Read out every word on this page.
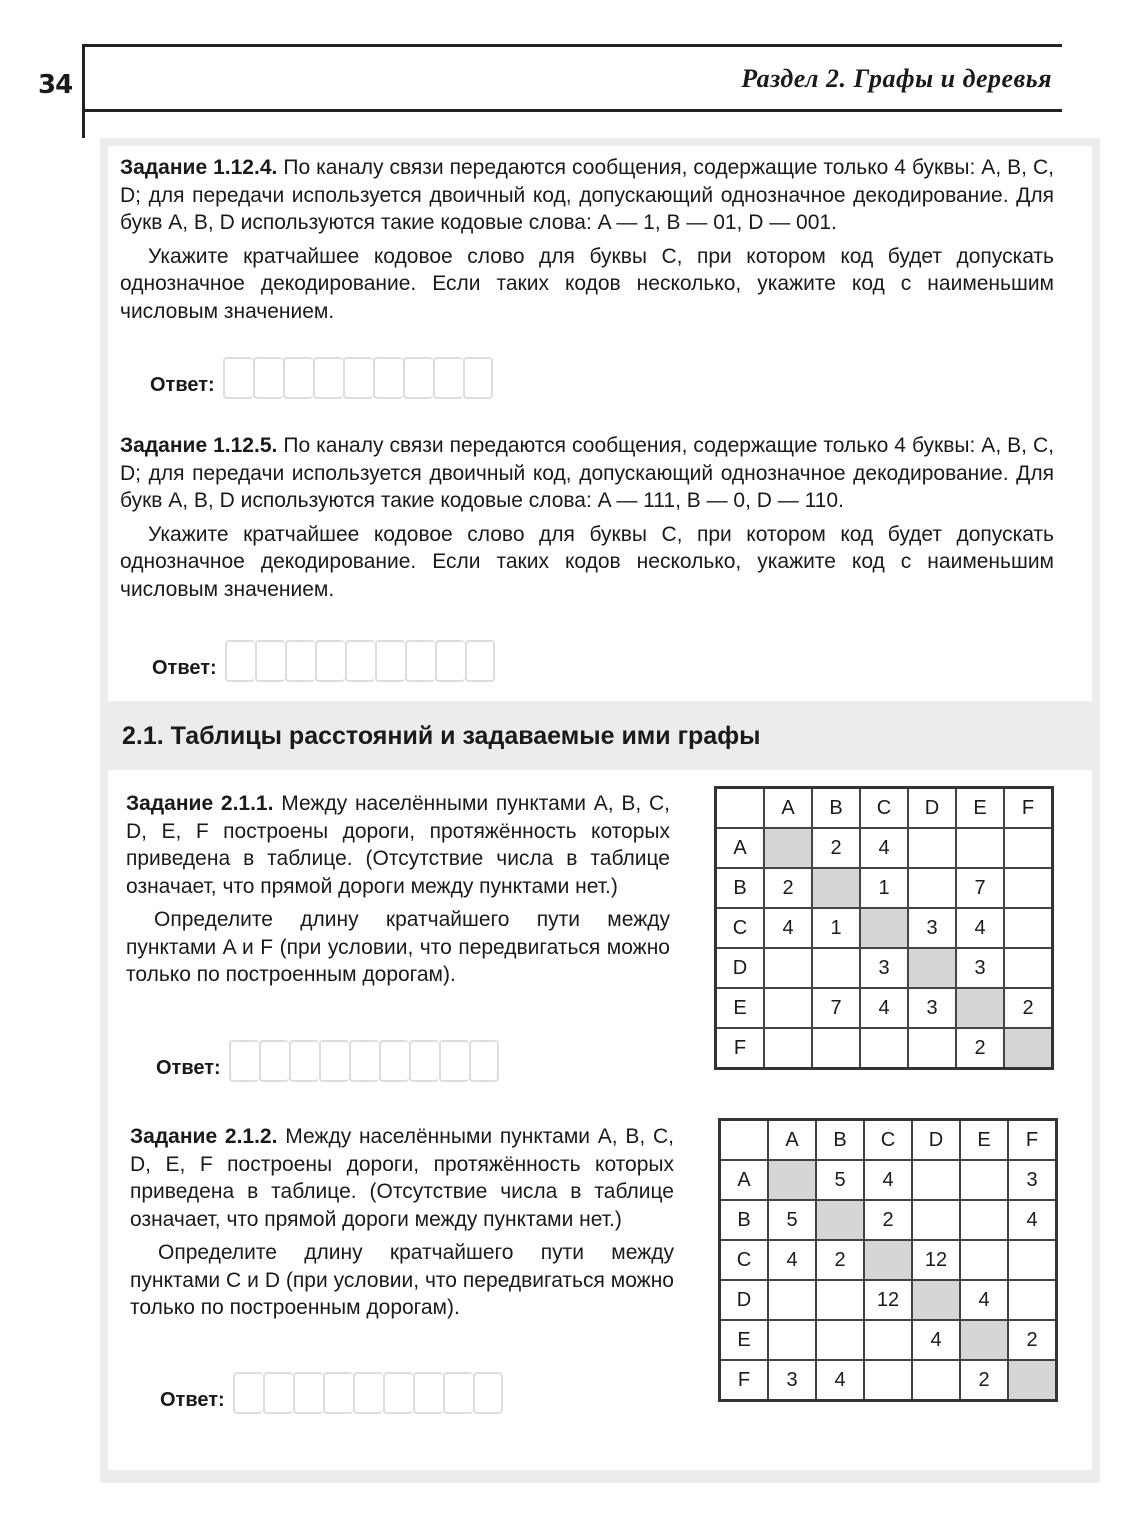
34	Раздел 2. Графы и деревья

Задание 1.12.4. По каналу связи передаются сообщения, содержащие только 4 буквы: A, B, C, D; для передачи используется двоичный код, допускающий однозначное декодирование. Для букв A, B, D используются такие кодовые слова: A — 1, B — 01, D — 001.

Укажите кратчайшее кодовое слово для буквы C, при котором код будет допускать однозначное декодирование. Если таких кодов несколько, укажите код с наименьшим числовым значением.

Ответ:

Задание 1.12.5. По каналу связи передаются сообщения, содержащие только 4 буквы: A, B, C, D; для передачи используется двоичный код, допускающий однозначное декодирование. Для букв A, B, D используются такие кодовые слова: A — 111, B — 0, D — 110.

Укажите кратчайшее кодовое слово для буквы C, при котором код будет допускать однозначное декодирование. Если таких кодов несколько, укажите код с наименьшим числовым значением.

Ответ:
2.1. Таблицы расстояний и задаваемые ими графы

Задание 2.1.1. Между населёнными пунктами A, B, C, D, E, F построены дороги, протяжённость которых приведена в таблице. (Отсутствие числа в таблице означает, что прямой дороги между пунктами нет.)

Определите длину кратчайшего пути между пунктами A и F (при условии, что передвигаться можно только по построенным дорогам).

Ответ:
	A	B	C	D	E	F
A		2	4			
B	2		1		7	
C	4	1		3	4	
D			3		3	
E		7	4	3		2
F					2	

Задание 2.1.2. Между населёнными пунктами A, B, C, D, E, F построены дороги, протяжённость которых приведена в таблице. (Отсутствие числа в таблице означает, что прямой дороги между пунктами нет.)

Определите длину кратчайшего пути между пунктами C и D (при условии, что передвигаться можно только по построенным дорогам).

Ответ:
	A	B	C	D	E	F
A		5	4			3
B	5		2			4
C	4	2		12		
D			12		4	
E				4		2
F	3	4			2	
